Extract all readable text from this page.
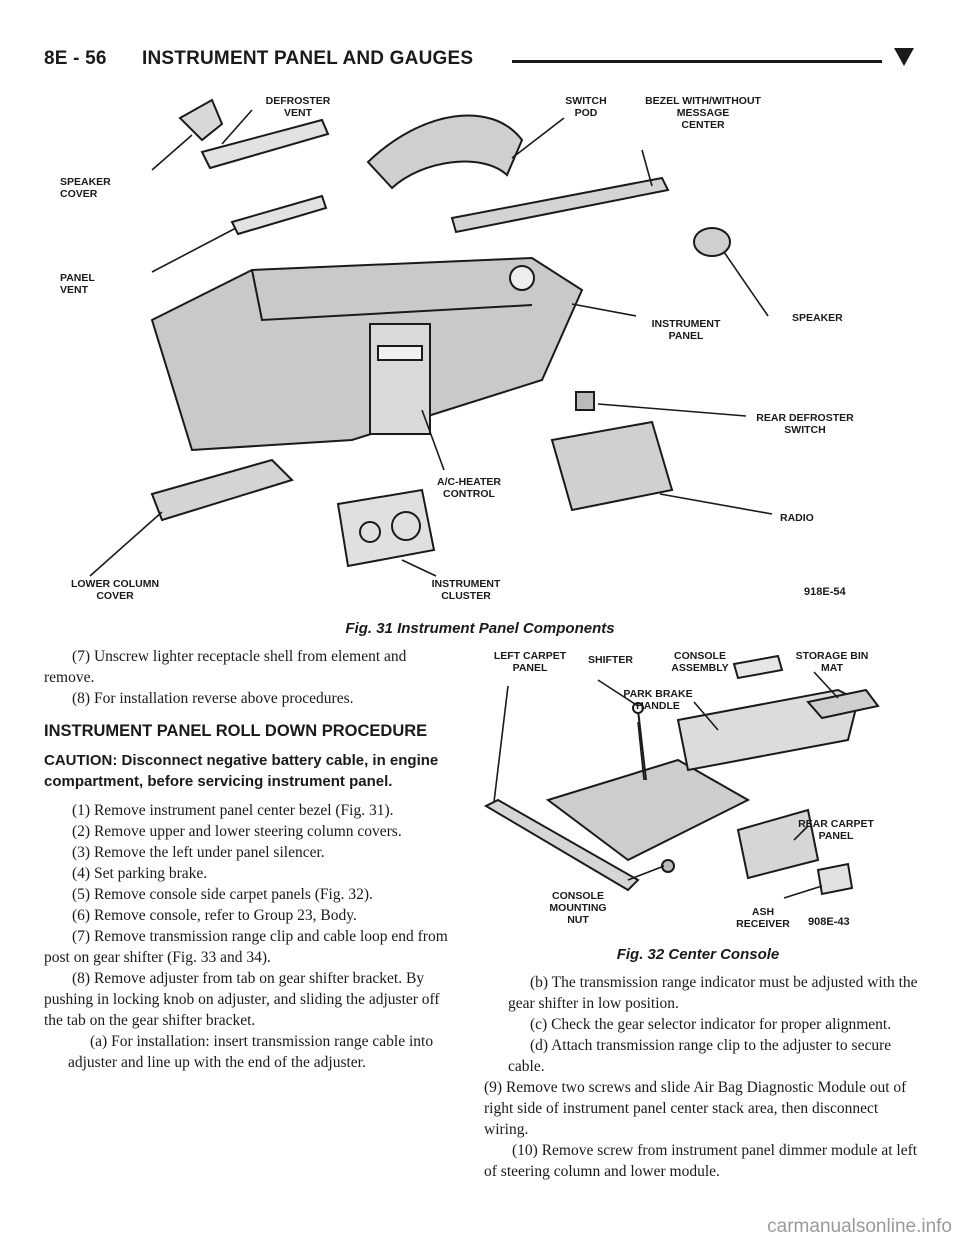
8E - 56 INSTRUMENT PANEL AND GAUGES
DEFROSTER
VENT
SWITCH
POD
BEZEL WITH/WITHOUT
MESSAGE
CENTER
SPEAKER
COVER
PANEL
VENT
SPEAKER
INSTRUMENT
PANEL
REAR DEFROSTER
SWITCH
A/C-HEATER
CONTROL
RADIO
LOWER COLUMN
COVER
INSTRUMENT
CLUSTER	918E-54
Fig. 31 Instrument Panel Components

(7) Unscrew lighter receptacle shell from element and remove.

(8) For installation reverse above procedures.

INSTRUMENT PANEL ROLL DOWN PROCEDURE

CAUTION: Disconnect negative battery cable, in engine compartment, before servicing instrument panel.

(1) Remove instrument panel center bezel (Fig. 31).

(2) Remove upper and lower steering column covers.

(3) Remove the left under panel silencer.

(4) Set parking brake.

(5) Remove console side carpet panels (Fig. 32).

(6) Remove console, refer to Group 23, Body.

(7) Remove transmission range clip and cable loop end from post on gear shifter (Fig. 33 and 34).

(8) Remove adjuster from tab on gear shifter bracket. By pushing in locking knob on adjuster, and sliding the adjuster off the tab on the gear shifter bracket.

(a) For installation: insert transmission range cable into adjuster and line up with the end of the adjuster.

LEFT CARPET
PANEL
SHIFTER	CONSOLE
ASSEMBLY
STORAGE BIN
MAT
PARK BRAKE
HANDLE
REAR CARPET
PANEL
CONSOLE
MOUNTING
NUT
ASH
RECEIVER	908E-43
Fig. 32 Center Console

(b) The transmission range indicator must be adjusted with the gear shifter in low position.

(c) Check the gear selector indicator for proper alignment.

(d) Attach transmission range clip to the adjuster to secure cable.

(9) Remove two screws and slide Air Bag Diagnostic Module out of right side of instrument panel center stack area, then disconnect wiring.

(10) Remove screw from instrument panel dimmer module at left of steering column and lower module.

carmanualsonline.info
